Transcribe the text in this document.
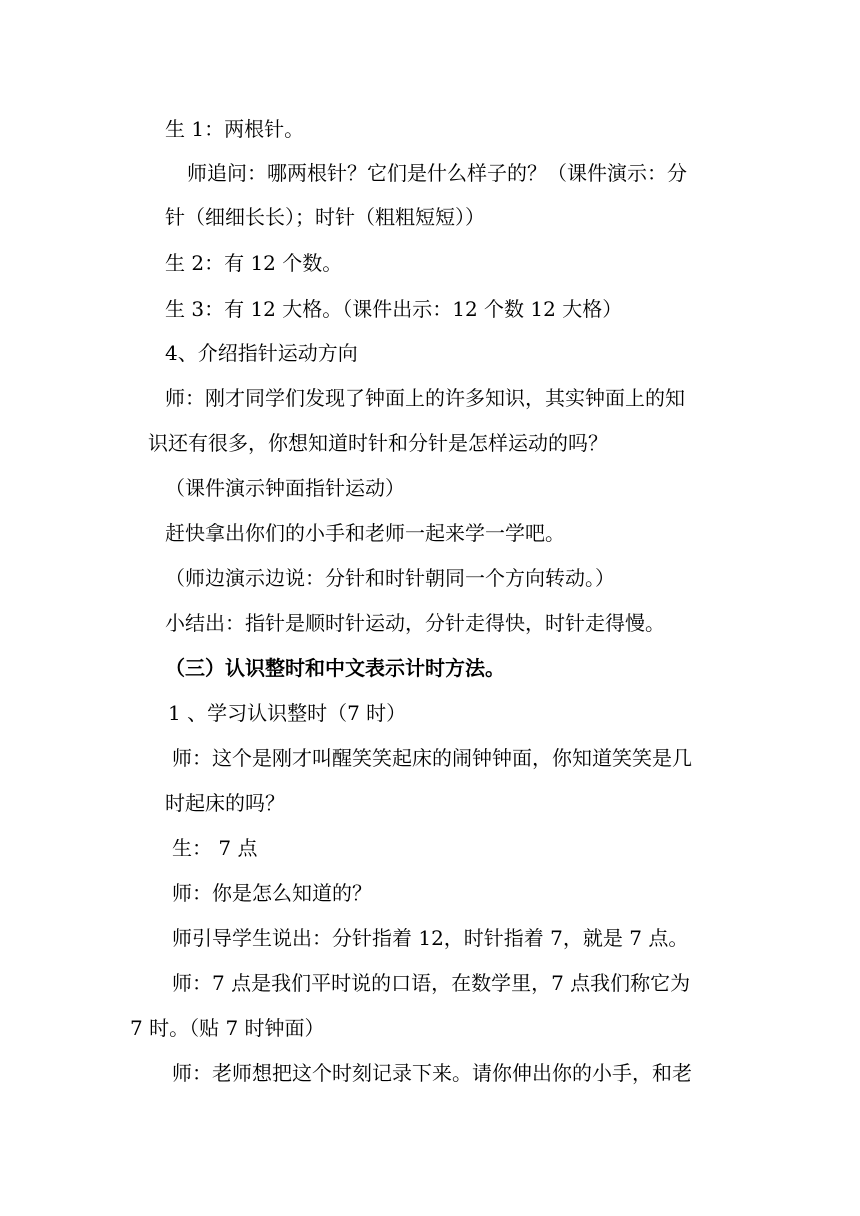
生 1：两根针。

师追问：哪两根针？它们是什么样子的？（课件演示：分

针（细细长长）；时针（粗粗短短））

生 2：有 12 个数。

生 3：有 12 大格。（课件出示：12 个数 12 大格）

4、介绍指针运动方向

师：刚才同学们发现了钟面上的许多知识，其实钟面上的知

识还有很多，你想知道时针和分针是怎样运动的吗？

（课件演示钟面指针运动）

赶快拿出你们的小手和老师一起来学一学吧。

（师边演示边说：分针和时针朝同一个方向转动。）

小结出：指针是顺时针运动，分针走得快，时针走得慢。

（三）认识整时和中文表示计时方法。

1 、学习认识整时（7 时）

师：这个是刚才叫醒笑笑起床的闹钟钟面，你知道笑笑是几

时起床的吗？

生： 7 点

师：你是怎么知道的？

师引导学生说出：分针指着 12，时针指着 7，就是 7 点。

师：7 点是我们平时说的口语，在数学里，7 点我们称它为

7 时。（贴 7 时钟面）

师：老师想把这个时刻记录下来。请你伸出你的小手，和老
